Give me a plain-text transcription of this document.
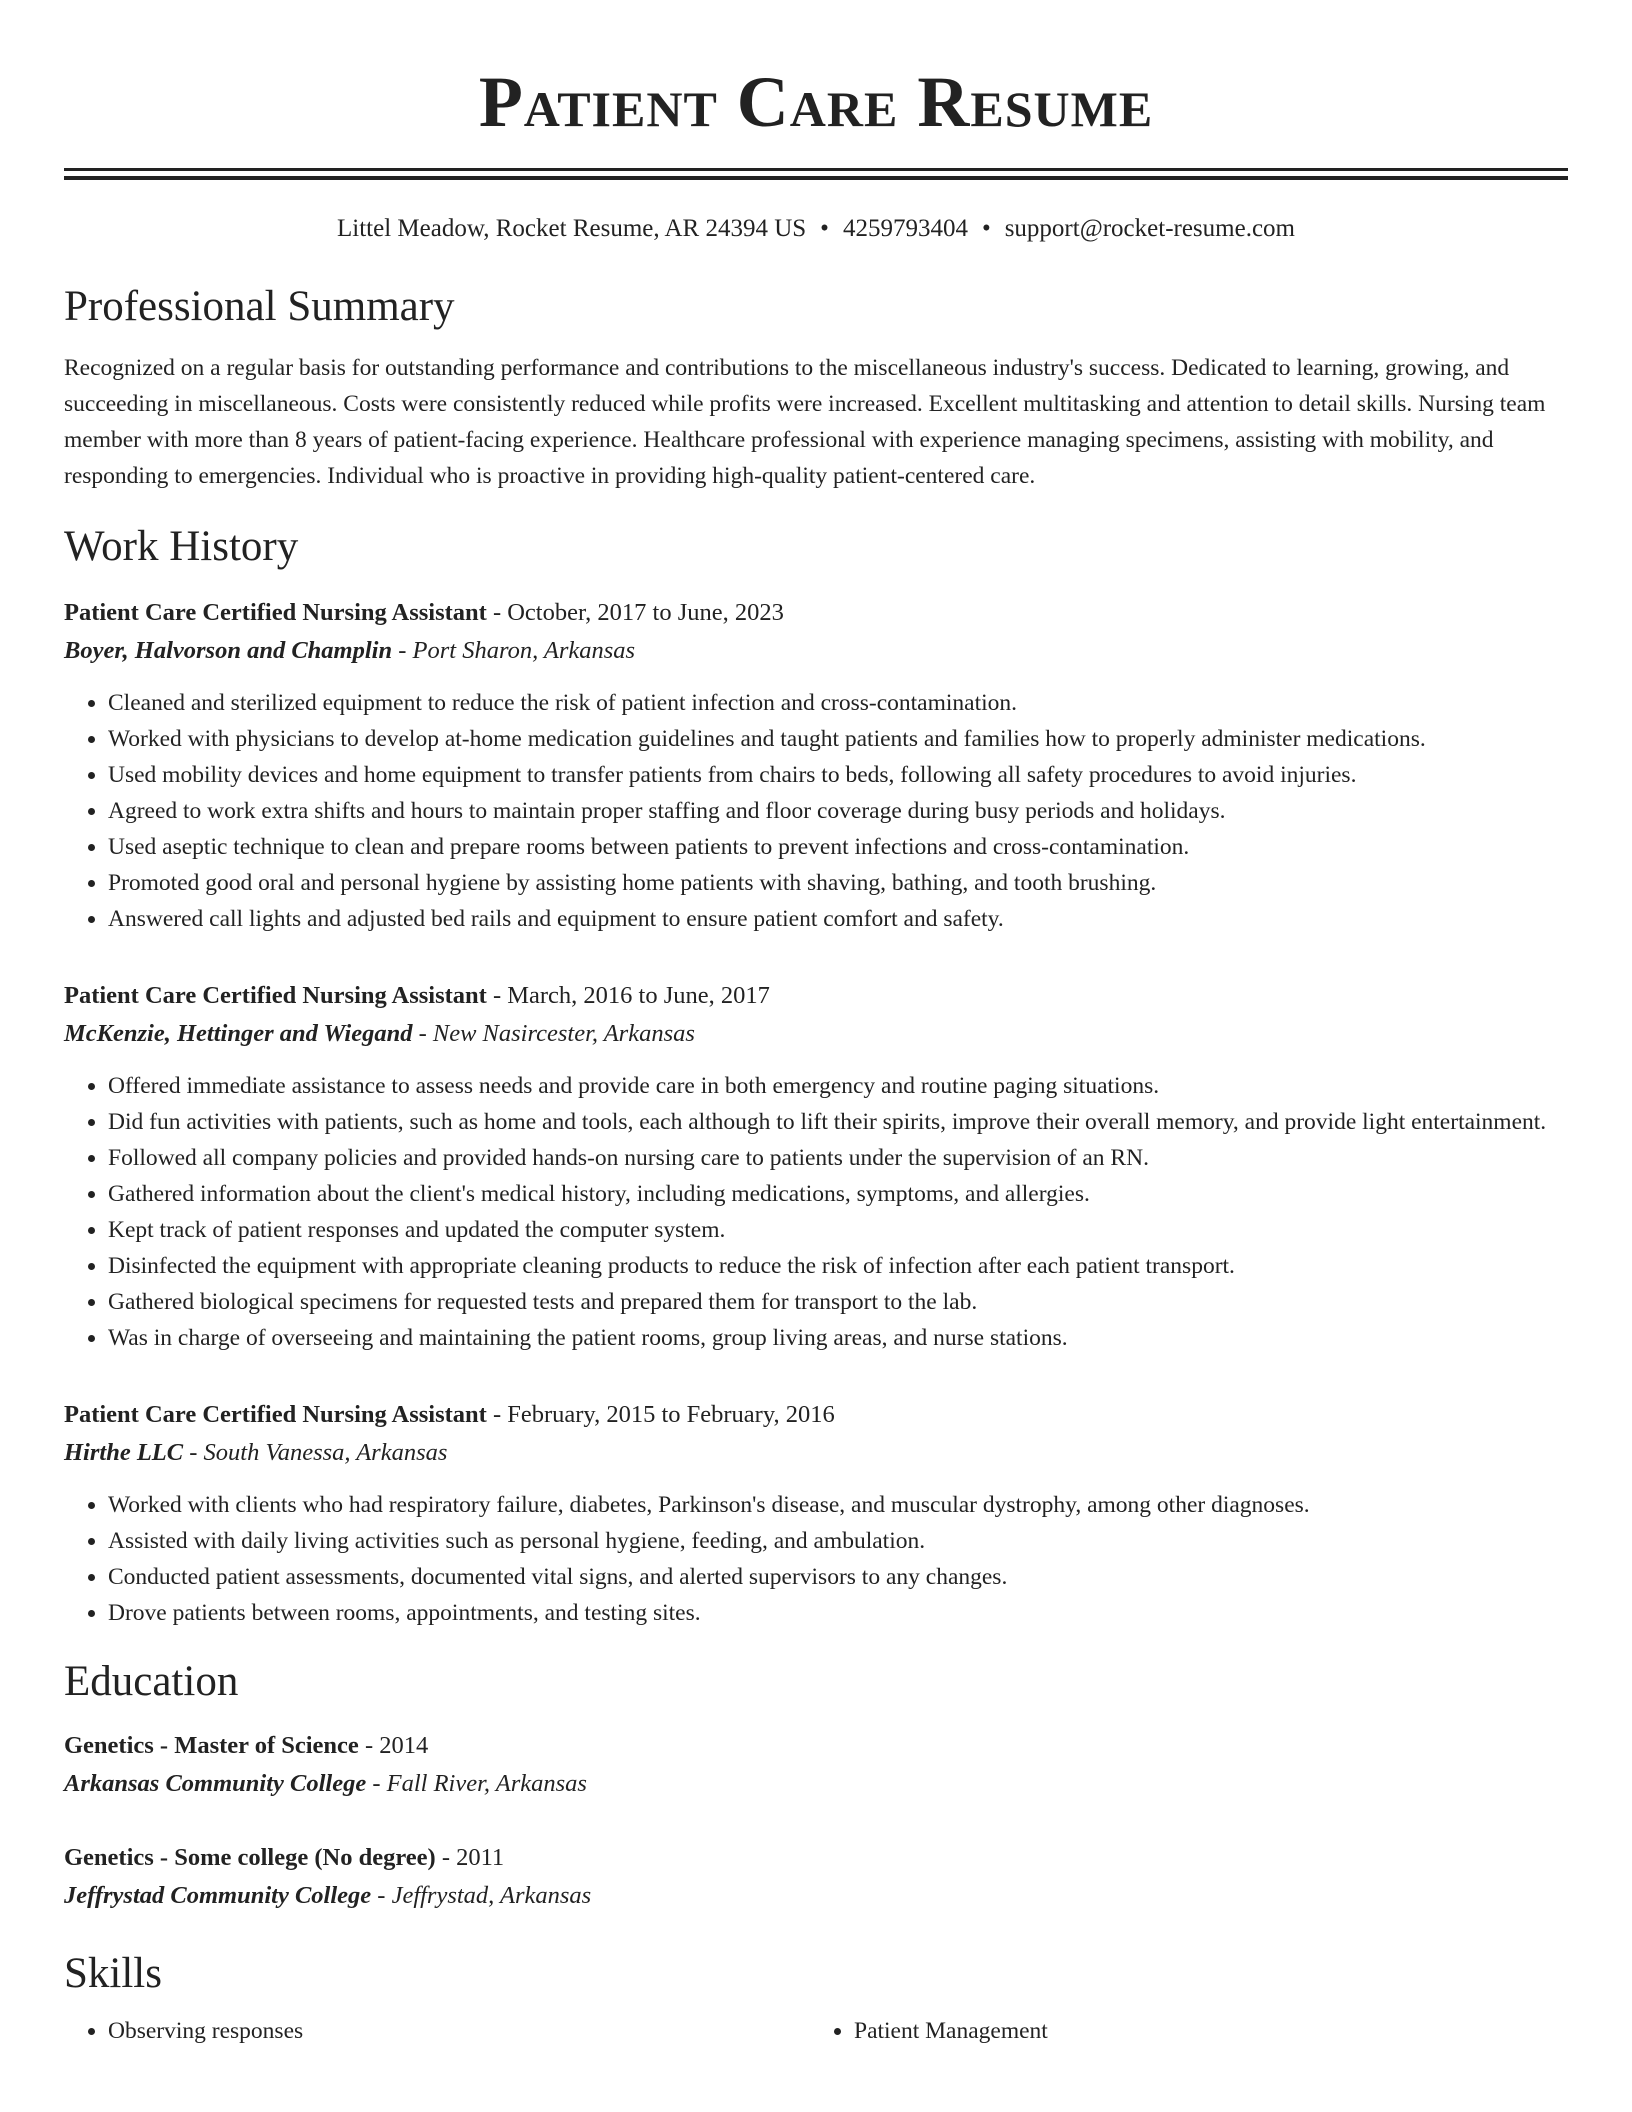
Patient Care Resume
Littel Meadow, Rocket Resume, AR 24394 US • 4259793404 • support@rocket-resume.com
Professional Summary

Recognized on a regular basis for outstanding performance and contributions to the miscellaneous industry's success. Dedicated to learning, growing, and succeeding in miscellaneous. Costs were consistently reduced while profits were increased. Excellent multitasking and attention to detail skills. Nursing team member with more than 8 years of patient-facing experience. Healthcare professional with experience managing specimens, assisting with mobility, and responding to emergencies. Individual who is proactive in providing high-quality patient-centered care.

Work History
Patient Care Certified Nursing Assistant - October, 2017 to June, 2023
Boyer, Halvorson and Champlin - Port Sharon, Arkansas
• Cleaned and sterilized equipment to reduce the risk of patient infection and cross-contamination.
• Worked with physicians to develop at-home medication guidelines and taught patients and families how to properly administer medications.
• Used mobility devices and home equipment to transfer patients from chairs to beds, following all safety procedures to avoid injuries.
• Agreed to work extra shifts and hours to maintain proper staffing and floor coverage during busy periods and holidays.
• Used aseptic technique to clean and prepare rooms between patients to prevent infections and cross-contamination.
• Promoted good oral and personal hygiene by assisting home patients with shaving, bathing, and tooth brushing.
• Answered call lights and adjusted bed rails and equipment to ensure patient comfort and safety.
Patient Care Certified Nursing Assistant - March, 2016 to June, 2017
McKenzie, Hettinger and Wiegand - New Nasircester, Arkansas
• Offered immediate assistance to assess needs and provide care in both emergency and routine paging situations.
• Did fun activities with patients, such as home and tools, each although to lift their spirits, improve their overall memory, and provide light entertainment.
• Followed all company policies and provided hands-on nursing care to patients under the supervision of an RN.
• Gathered information about the client's medical history, including medications, symptoms, and allergies.
• Kept track of patient responses and updated the computer system.
• Disinfected the equipment with appropriate cleaning products to reduce the risk of infection after each patient transport.
• Gathered biological specimens for requested tests and prepared them for transport to the lab.
• Was in charge of overseeing and maintaining the patient rooms, group living areas, and nurse stations.
Patient Care Certified Nursing Assistant - February, 2015 to February, 2016
Hirthe LLC - South Vanessa, Arkansas
• Worked with clients who had respiratory failure, diabetes, Parkinson's disease, and muscular dystrophy, among other diagnoses.
• Assisted with daily living activities such as personal hygiene, feeding, and ambulation.
• Conducted patient assessments, documented vital signs, and alerted supervisors to any changes.
• Drove patients between rooms, appointments, and testing sites.
Education
Genetics - Master of Science - 2014
Arkansas Community College - Fall River, Arkansas
Genetics - Some college (No degree) - 2011
Jeffrystad Community College - Jeffrystad, Arkansas
Skills
• Observing responses
•	Patient Management
